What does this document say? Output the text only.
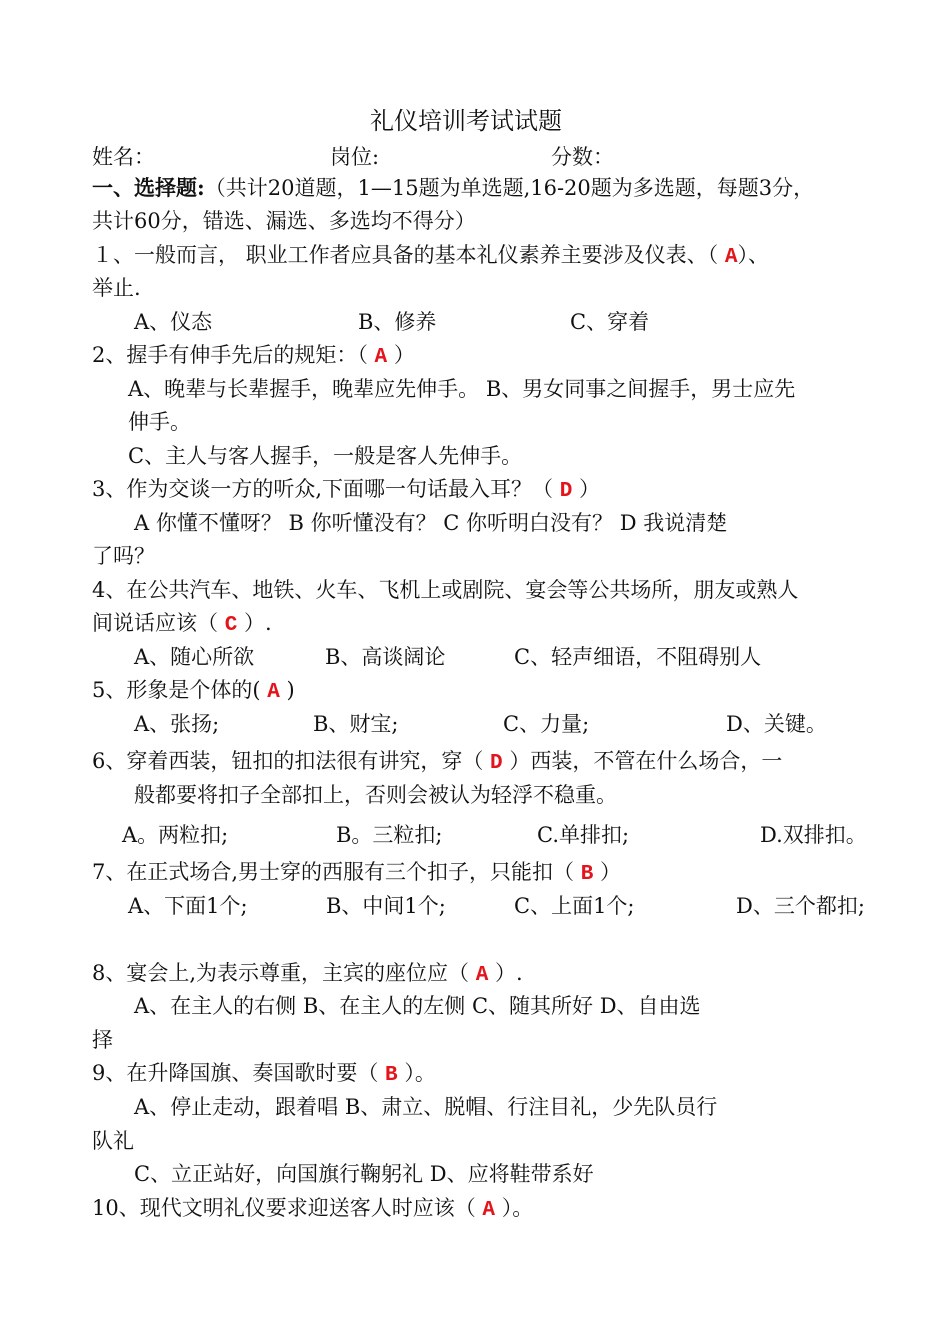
礼仪培训考试试题
姓名：	岗位:	分数：
一、选择题:（共计20道题，1—15题为单选题,16-20题为多选题，每题3分，
共计60分，错选、漏选、多选均不得分）
１、一般而言， 职业工作者应具备的基本礼仪素养主要涉及仪表、（ A）、
举止.
A、仪态	B、修养	C、穿着
2、握手有伸手先后的规矩：（ A ）
A、晚辈与长辈握手，晚辈应先伸手。 B、男女同事之间握手，男士应先
伸手。
C、主人与客人握手，一般是客人先伸手。
3、作为交谈一方的听众,下面哪一句话最入耳？（ D ）
A 你懂不懂呀？ B 你听懂没有？ C 你听明白没有？ D 我说清楚
了吗？
4、在公共汽车、地铁、火车、飞机上或剧院、宴会等公共场所，朋友或熟人
间说话应该（ C ）.
A、随心所欲	B、高谈阔论	C、轻声细语，不阻碍别人
5、形象是个体的( A )
A、张扬;	B、财宝;	C、力量;	D、关键。
6、穿着西装，钮扣的扣法很有讲究，穿（ D ）西装，不管在什么场合，一
般都要将扣子全部扣上，否则会被认为轻浮不稳重。
A。两粒扣;	B。三粒扣;	C.单排扣;	D.双排扣。
7、在正式场合,男士穿的西服有三个扣子，只能扣（ B ）
A、下面1个;	B、中间1个;	C、上面1个;	D、三个都扣;
8、宴会上,为表示尊重，主宾的座位应（ A ）.
A、在主人的右侧 B、在主人的左侧 C、随其所好 D、自由选
择
9、在升降国旗、奏国歌时要（ B ）。
A、停止走动，跟着唱 B、肃立、脱帽、行注目礼，少先队员行
队礼
C、立正站好，向国旗行鞠躬礼 D、应将鞋带系好
10、现代文明礼仪要求迎送客人时应该（ A ）。
